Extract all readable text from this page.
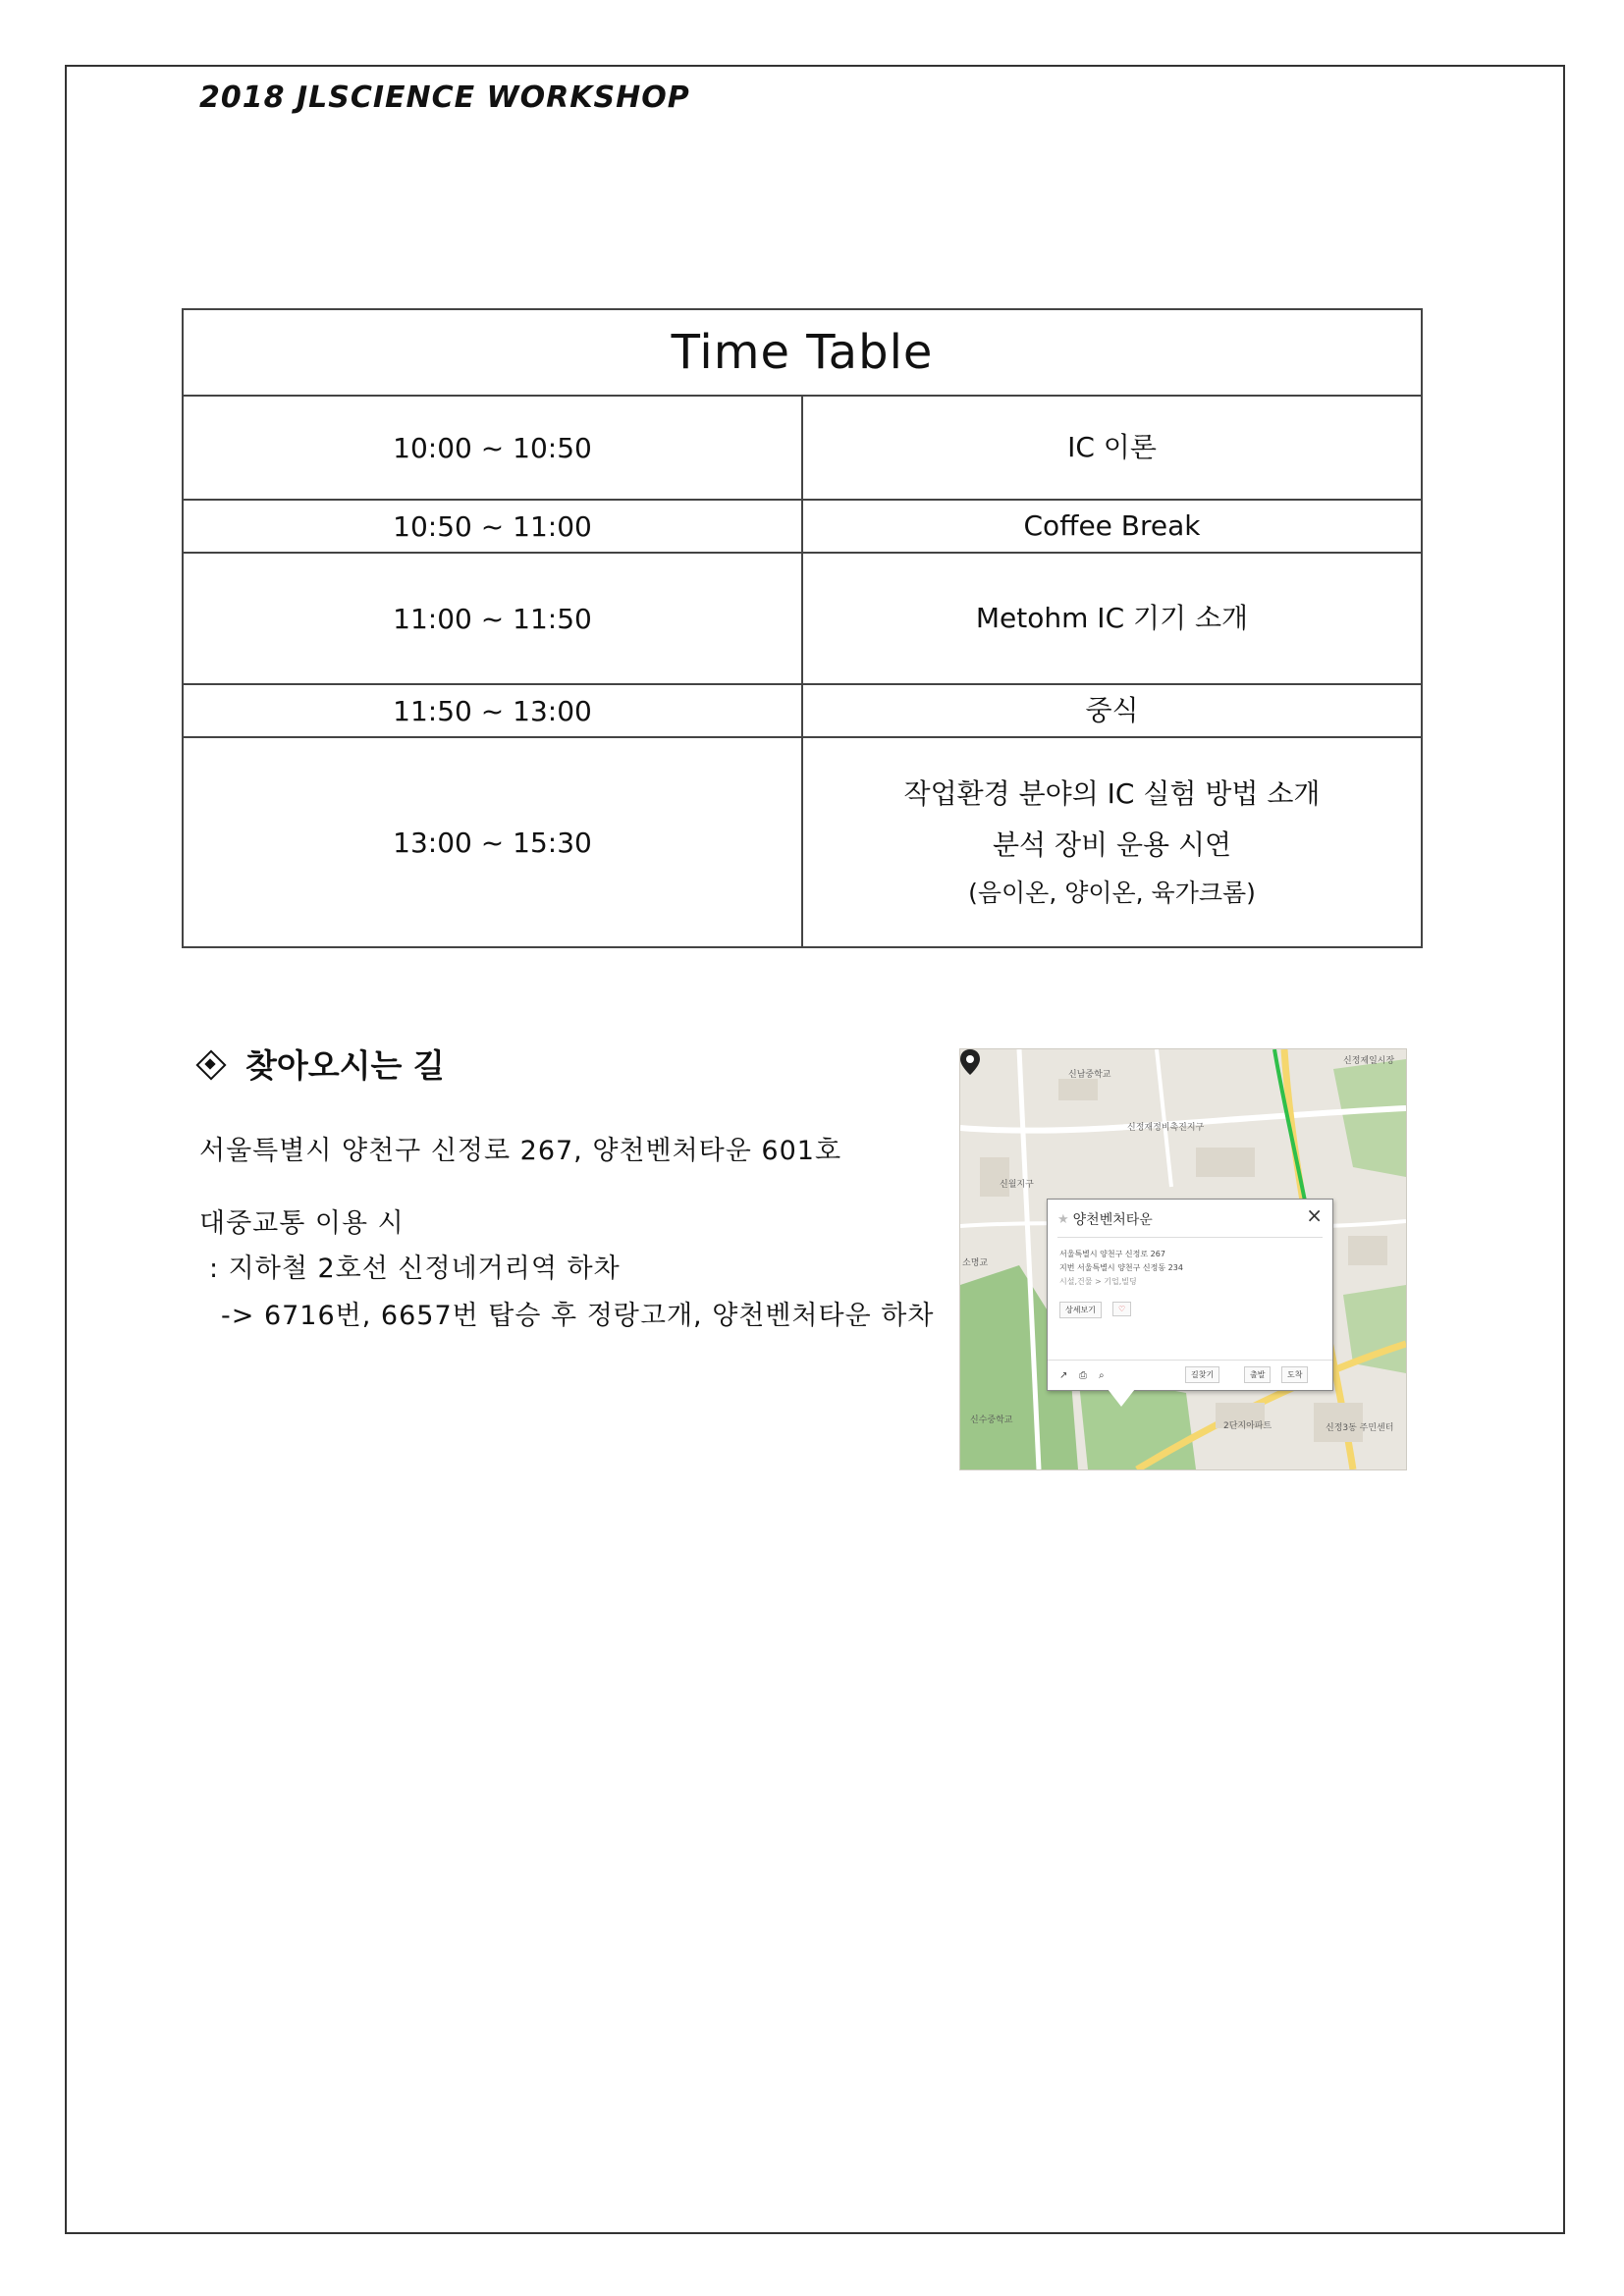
2018 JLSCIENCE WORKSHOP
Time Table	
10:00 ~ 10:50	IC 이론

10:50 ~ 11:00	Coffee Break

11:00 ~ 11:50	Metohm IC 기기 소개

11:50 ~ 13:00	중식

13:00 ~ 15:30	작업환경 분야의 IC 실험 방법 소개
분석 장비 운용 시연
(음이온, 양이온, 육가크롬)
찾아오시는 길
서울특별시 양천구 신정로 267, 양천벤처타운 601호
대중교통 이용 시
: 지하철 2호선 신정네거리역 하차
-> 6716번, 6657번 탑승 후 정랑고개, 양천벤처타운 하차
신남중학교
신정제일시장
신정재정비촉진지구
신월지구
소명교
신수중학교
2단지아파트	신정3동 주민센터
★ 양천벤처타운	×
서울특별시 양천구 신정로 267
지번 서울특별시 양천구 신정동 234
시설,건물 > 기업,빌딩
상세보기	♡
↗ ⎙ ⌕	길찾기	출발	도착
